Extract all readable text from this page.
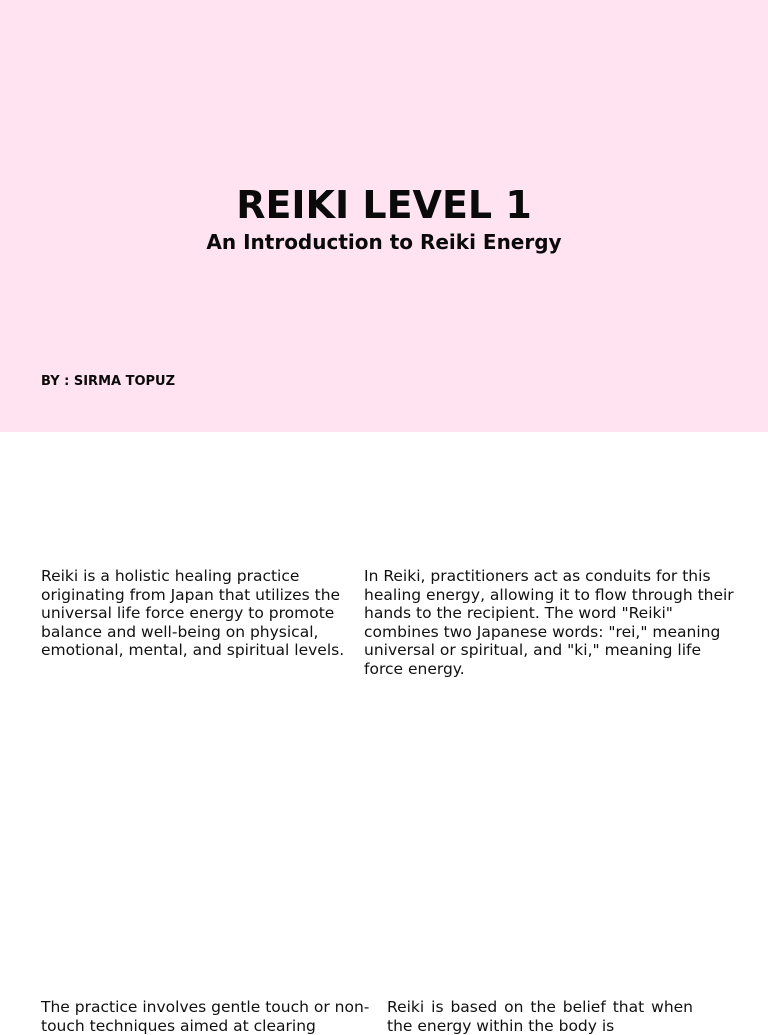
REIKI LEVEL 1
An Introduction to Reiki Energy

BY : SIRMA TOPUZ

Reiki is a holistic healing practice originating from Japan that utilizes the universal life force energy to promote balance and well-being on physical, emotional, mental, and spiritual levels.

In Reiki, practitioners act as conduits for this healing energy, allowing it to flow through their hands to the recipient. The word "Reiki" combines two Japanese words: "rei," meaning universal or spiritual, and "ki," meaning life force energy.

The practice involves gentle touch or non-touch techniques aimed at clearing

Reiki is based on the belief that when the energy within the body is
